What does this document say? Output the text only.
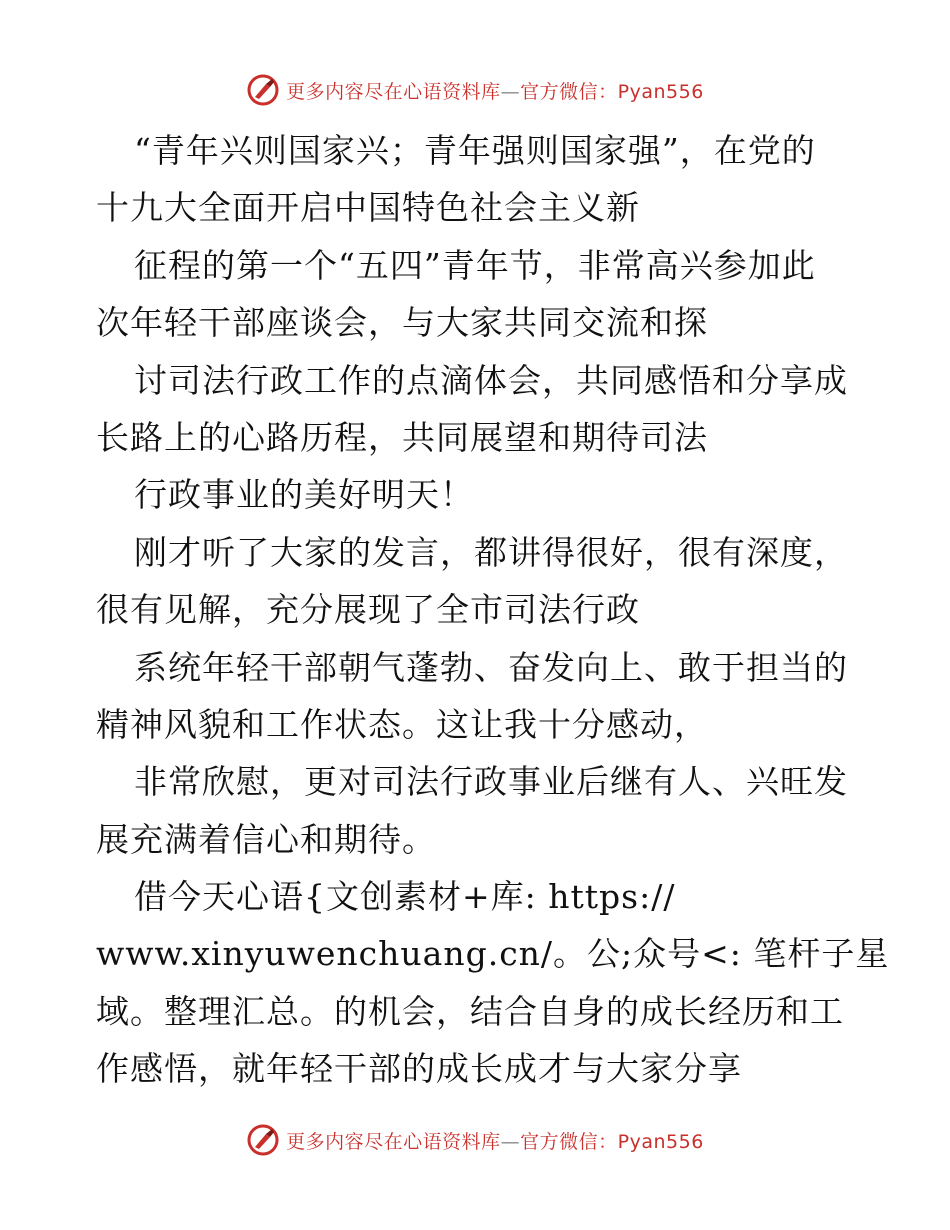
更多内容尽在心语资料库—官方微信：Pyan556
“青年兴则国家兴；青年强则国家强”，在党的
十九大全面开启中国特色社会主义新
征程的第一个“五四”青年节，非常高兴参加此
次年轻干部座谈会，与大家共同交流和探
讨司法行政工作的点滴体会，共同感悟和分享成
长路上的心路历程，共同展望和期待司法
行政事业的美好明天！
刚才听了大家的发言，都讲得很好，很有深度，
很有见解，充分展现了全市司法行政
系统年轻干部朝气蓬勃、奋发向上、敢于担当的
精神风貌和工作状态。这让我十分感动，
非常欣慰，更对司法行政事业后继有人、兴旺发
展充满着信心和期待。
借今天心语{文创素材+库: https://
www.xinyuwenchuang.cn/。公;众号<: 笔杆子星
域。整理汇总。的机会，结合自身的成长经历和工
作感悟，就年轻干部的成长成才与大家分享
更多内容尽在心语资料库—官方微信：Pyan556
